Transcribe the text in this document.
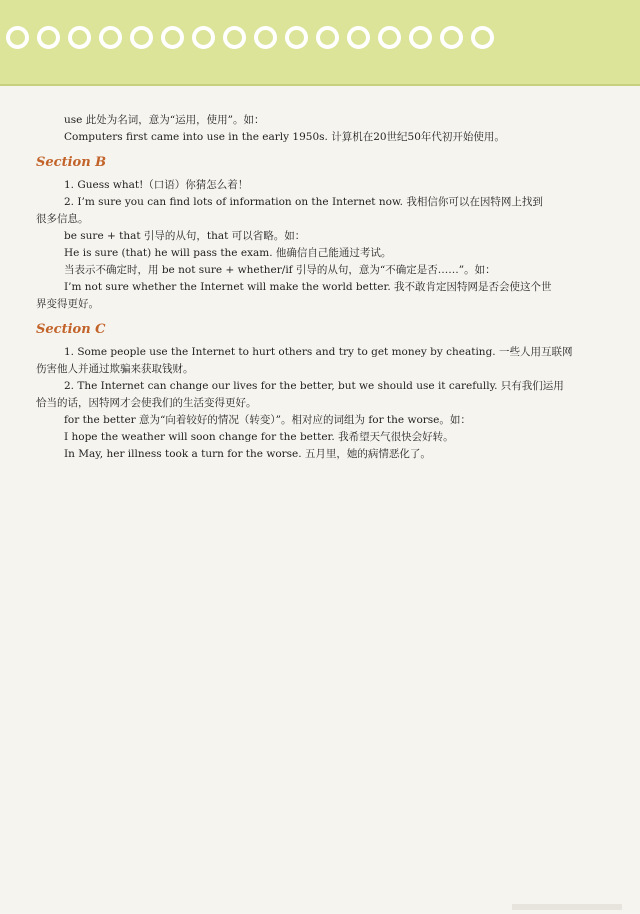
use 此处为名词，意为“运用，使用”。如：
Computers first came into use in the early 1950s. 计算机在20世纪50年代初开始使用。
Section B
1. Guess what!（口语）你猜怎么着！
2. I’m sure you can find lots of information on the Internet now. 我相信你可以在因特网上找到
很多信息。
be sure + that 引导的从句，that 可以省略。如：
He is sure (that) he will pass the exam. 他确信自己能通过考试。
当表示不确定时，用 be not sure + whether/if 引导的从句，意为“不确定是否……”。如：
I’m not sure whether the Internet will make the world better. 我不敢肯定因特网是否会使这个世
界变得更好。
Section C
1. Some people use the Internet to hurt others and try to get money by cheating. 一些人用互联网
伤害他人并通过欺骗来获取钱财。
2. The Internet can change our lives for the better, but we should use it carefully. 只有我们运用
恰当的话，因特网才会使我们的生活变得更好。
for the better 意为“向着较好的情况（转变）”。相对应的词组为 for the worse。如：
I hope the weather will soon change for the better. 我希望天气很快会好转。
In May, her illness took a turn for the worse. 五月里，她的病情恶化了。
